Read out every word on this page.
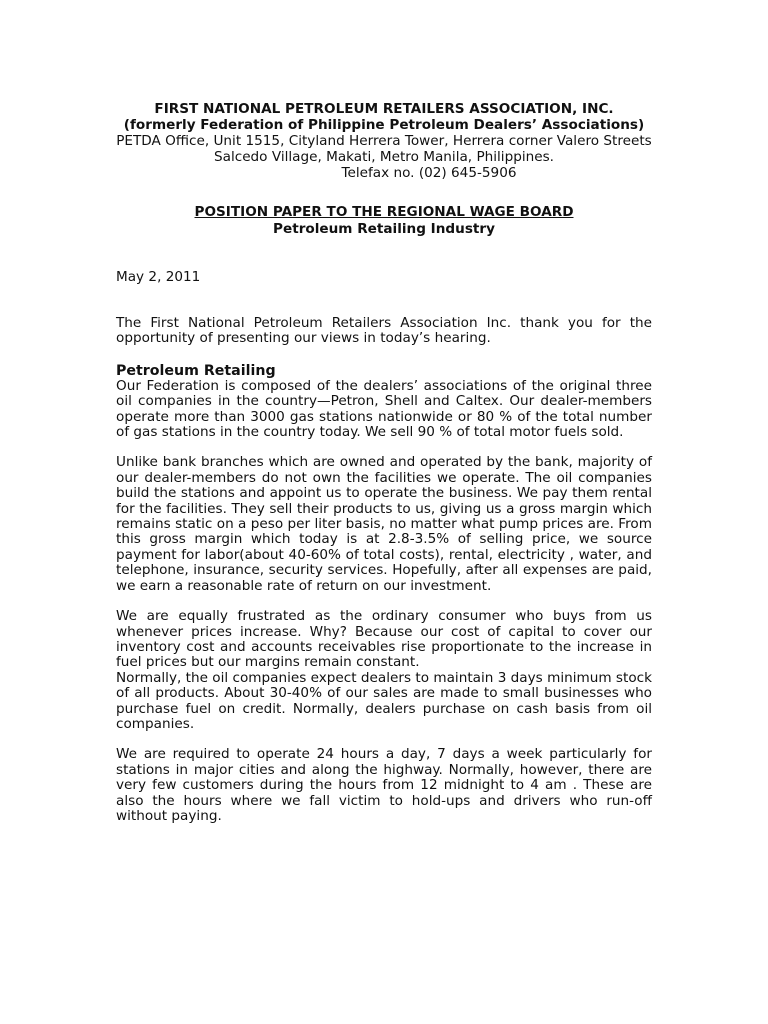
FIRST NATIONAL PETROLEUM RETAILERS ASSOCIATION, INC.
(formerly Federation of Philippine Petroleum Dealers’ Associations)
PETDA Office, Unit 1515, Cityland Herrera Tower, Herrera corner Valero Streets
Salcedo Village, Makati, Metro Manila, Philippines.
Telefax no. (02) 645-5906
POSITION PAPER TO THE REGIONAL WAGE BOARD
Petroleum Retailing Industry
May 2, 2011

The First National Petroleum Retailers Association Inc. thank you for the opportunity of presenting our views in today’s hearing.

Petroleum Retailing

Our Federation is composed of the dealers’ associations of the original three oil companies in the country—Petron, Shell and Caltex. Our dealer-members operate more than 3000 gas stations nationwide or 80 % of the total number of gas stations in the country today. We sell 90 % of total motor fuels sold.

Unlike bank branches which are owned and operated by the bank, majority of our dealer-members do not own the facilities we operate. The oil companies build the stations and appoint us to operate the business. We pay them rental for the facilities. They sell their products to us, giving us a gross margin which remains static on a peso per liter basis, no matter what pump prices are. From this gross margin which today is at 2.8-3.5% of selling price, we source payment for labor(about 40-60% of total costs), rental, electricity , water, and telephone, insurance, security services. Hopefully, after all expenses are paid, we earn a reasonable rate of return on our investment.

We are equally frustrated as the ordinary consumer who buys from us whenever prices increase. Why? Because our cost of capital to cover our inventory cost and accounts receivables rise proportionate to the increase in fuel prices but our margins remain constant.

Normally, the oil companies expect dealers to maintain 3 days minimum stock of all products. About 30-40% of our sales are made to small businesses who purchase fuel on credit. Normally, dealers purchase on cash basis from oil companies.

We are required to operate 24 hours a day, 7 days a week particularly for stations in major cities and along the highway. Normally, however, there are very few customers during the hours from 12 midnight to 4 am . These are also the hours where we fall victim to hold-ups and drivers who run-off without paying.
